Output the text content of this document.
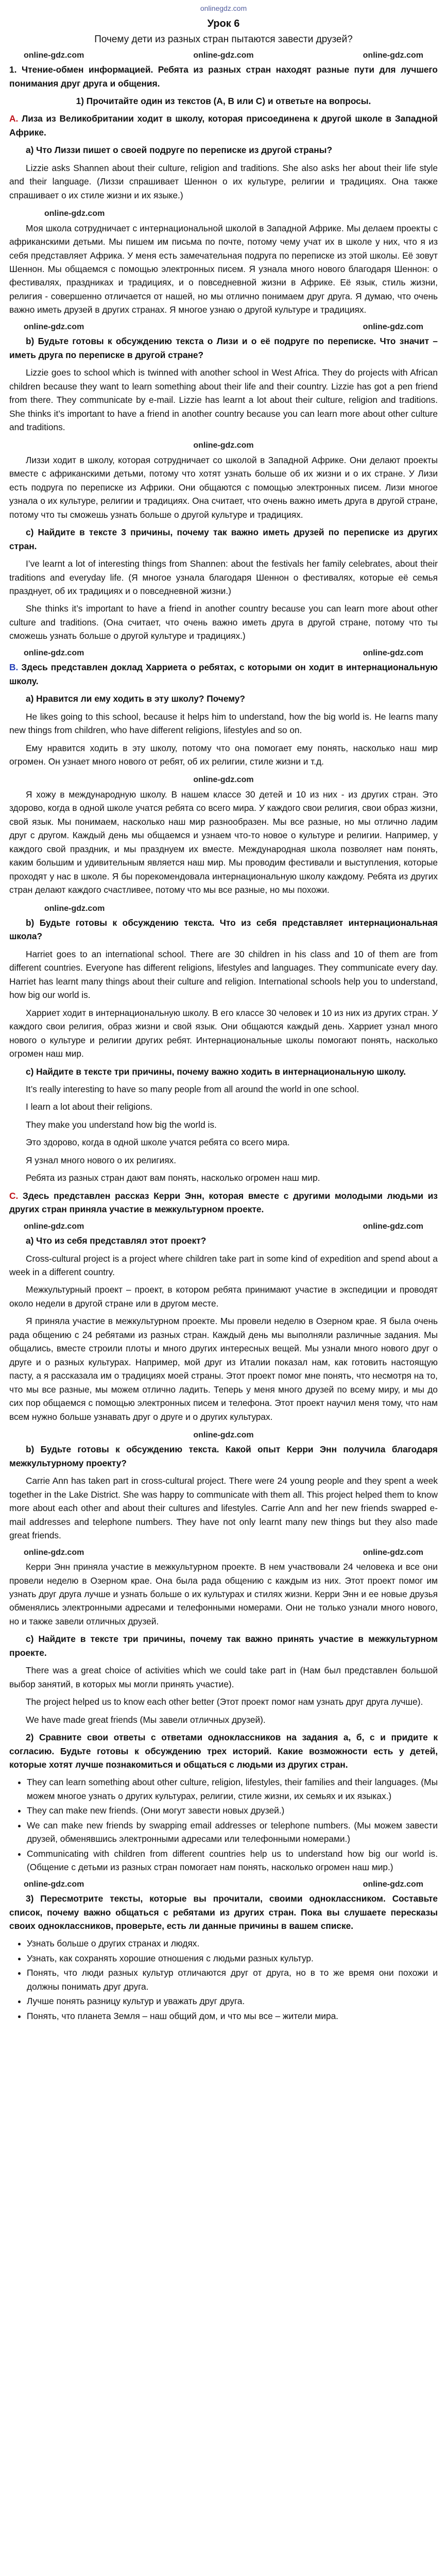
onlinegdz.com
Урок 6
Почему дети из разных стран пытаются завести друзей?
online-gdz.com	online-gdz.com	online-gdz.com

1. Чтение-обмен информацией. Ребята из разных стран находят разные пути для лучшего понимания друг друга и общения.

1) Прочитайте один из текстов (А, В или С) и ответьте на вопросы.

А. Лиза из Великобритании ходит в школу, которая присоединена к другой школе в Западной Африке.

a) Что Лиззи пишет о своей подруге по переписке из другой страны?

Lizzie asks Shannen about their culture, religion and traditions. She also asks her about their life style and their language. (Лиззи спрашивает Шеннон о их культуре, религии и традициях. Она также спрашивает о их стиле жизни и их языке.)

online-gdz.com

Моя школа сотрудничает с интернациональной школой в Западной Африке. Мы делаем проекты с африканскими детьми. Мы пишем им письма по почте, потому чему учат их в школе у них, что я из себя представляет Африка. У меня есть замечательная подруга по переписке из этой школы. Её зовут Шеннон. Мы общаемся с помощью электронных писем. Я узнала много нового благодаря Шеннон: о фестивалях, праздниках и традициях, и о повседневной жизни в Африке. Её язык, стиль жизни, религия - совершенно отличается от нашей, но мы отлично понимаем друг друга. Я думаю, что очень важно иметь друзей в других странах. Я многое узнаю о другой культуре и традициях.

online-gdz.com	online-gdz.com

b) Будьте готовы к обсуждению текста о Лизи и о её подруге по переписке. Что значит – иметь друга по переписке в другой стране?

Lizzie goes to school which is twinned with another school in West Africa. They do projects with African children because they want to learn something about their life and their country. Lizzie has got a pen friend from there. They communicate by e-mail. Lizzie has learnt a lot about their culture, religion and traditions. She thinks it’s important to have a friend in another country because you can learn more about other culture and traditions.

online-gdz.com

Лиззи ходит в школу, которая сотрудничает со школой в Западной Африке. Они делают проекты вместе с африканскими детьми, потому что хотят узнать больше об их жизни и о их стране. У Лизи есть подруга по переписке из Африки. Они общаются с помощью электронных писем. Лизи многое узнала о их культуре, религии и традициях. Она считает, что очень важно иметь друга в другой стране, потому что ты сможешь узнать больше о другой культуре и традициях.

c) Найдите в тексте 3 причины, почему так важно иметь друзей по переписке из других стран.

I’ve learnt a lot of interesting things from Shannen: about the festivals her family celebrates, about their traditions and everyday life. (Я многое узнала благодаря Шеннон о фестивалях, которые её семья празднует, об их традициях и о повседневной жизни.)

She thinks it’s important to have a friend in another country because you can learn more about other culture and traditions. (Она считает, что очень важно иметь друга в другой стране, потому что ты сможешь узнать больше о другой культуре и традициях.)

online-gdz.com	online-gdz.com

В. Здесь представлен доклад Харриета о ребятах, с которыми он ходит в интернациональную школу.

a) Нравится ли ему ходить в эту школу? Почему?

He likes going to this school, because it helps him to understand, how the big world is. He learns many new things from children, who have different religions, lifestyles and so on.

Ему нравится ходить в эту школу, потому что она помогает ему понять, насколько наш мир огромен. Он узнает много нового от ребят, об их религии, стиле жизни и т.д.

online-gdz.com

Я хожу в международную школу. В нашем классе 30 детей и 10 из них - из других стран. Это здорово, когда в одной школе учатся ребята со всего мира. У каждого свои религия, свои образ жизни, свой язык. Мы понимаем, насколько наш мир разнообразен. Мы все разные, но мы отлично ладим друг с другом. Каждый день мы общаемся и узнаем что-то новое о культуре и религии. Например, у каждого свой праздник, и мы празднуем их вместе. Международная школа позволяет нам понять, каким большим и удивительным является наш мир. Мы проводим фестивали и выступления, которые проходят у нас в школе. Я бы порекомендовала интернациональную школу каждому. Ребята из других стран делают каждого счастливее, потому что мы все разные, но мы похожи.

online-gdz.com

b) Будьте готовы к обсуждению текста. Что из себя представляет интернациональная школа?

Harriet goes to an international school. There are 30 children in his class and 10 of them are from different countries. Everyone has different religions, lifestyles and languages. They communicate every day. Harriet has learnt many things about their culture and religion. International schools help you to understand, how big our world is.

Харриет ходит в интернациональную школу. В его классе 30 человек и 10 из них из других стран. У каждого свои религия, образ жизни и свой язык. Они общаются каждый день. Харриет узнал много нового о культуре и религии других ребят. Интернациональные школы помогают понять, насколько огромен наш мир.

c) Найдите в тексте три причины, почему важно ходить в интернациональную школу.

It’s really interesting to have so many people from all around the world in one school.

I learn a lot about their religions.

They make you understand how big the world is.

Это здорово, когда в одной школе учатся ребята со всего мира.

Я узнал много нового о их религиях.

Ребята из разных стран дают вам понять, насколько огромен наш мир.

С. Здесь представлен рассказ Керри Энн, которая вместе с другими молодыми людьми из других стран приняла участие в межкультурном проекте.

online-gdz.com	online-gdz.com

a) Что из себя представлял этот проект?

Cross-cultural project is a project where children take part in some kind of expedition and spend about a week in a different country.

Межкультурный проект – проект, в котором ребята принимают участие в экспедиции и проводят около недели в другой стране или в другом месте.

Я приняла участие в межкультурном проекте. Мы провели неделю в Озерном крае. Я была очень рада общению с 24 ребятами из разных стран. Каждый день мы выполняли различные задания. Мы общались, вместе строили плоты и много других интересных вещей. Мы узнали много нового друг о друге и о разных культурах. Например, мой друг из Италии показал нам, как готовить настоящую пасту, а я рассказала им о традициях моей страны. Этот проект помог мне понять, что несмотря на то, что мы все разные, мы можем отлично ладить. Теперь у меня много друзей по всему миру, и мы до сих пор общаемся с помощью электронных писем и телефона. Этот проект научил меня тому, что нам всем нужно больше узнавать друг о друге и о других культурах.

online-gdz.com

b) Будьте готовы к обсуждению текста. Какой опыт Керри Энн получила благодаря межкультурному проекту?

Carrie Ann has taken part in cross-cultural project. There were 24 young people and they spent a week together in the Lake District. She was happy to communicate with them all. This project helped them to know more about each other and about their cultures and lifestyles. Carrie Ann and her new friends swapped e-mail addresses and telephone numbers. They have not only learnt many new things but they also made great friends.

online-gdz.com	online-gdz.com

Керри Энн приняла участие в межкультурном проекте. В нем участвовали 24 человека и все они провели неделю в Озерном крае. Она была рада общению с каждым из них. Этот проект помог им узнать друг друга лучше и узнать больше о их культурах и стилях жизни. Керри Энн и ее новые друзья обменялись электронными адресами и телефонными номерами. Они не только узнали много нового, но и также завели отличных друзей.

c) Найдите в тексте три причины, почему так важно принять участие в межкультурном проекте.

There was a great choice of activities which we could take part in (Нам был представлен большой выбор занятий, в которых мы могли принять участие).

The project helped us to know each other better (Этот проект помог нам узнать друг друга лучше).

We have made great friends (Мы завели отличных друзей).

2) Сравните свои ответы с ответами одноклассников на задания а, б, с и придите к согласию. Будьте готовы к обсуждению трех историй. Какие возможности есть у детей, которые хотят лучше познакомиться и общаться с людьми из других стран.

• They can learn something about other culture, religion, lifestyles, their families and their languages. (Мы можем многое узнать о других культурах, религии, стиле жизни, их семьях и их языках.)
• They can make new friends. (Они могут завести новых друзей.)
• We can make new friends by swapping email addresses or telephone numbers. (Мы можем завести друзей, обменявшись электронными адресами или телефонными номерами.)
• Communicating with children from different countries help us to understand how big our world is. (Общение с детьми из разных стран помогает нам понять, насколько огромен наш мир.)
online-gdz.com	online-gdz.com

3) Пересмотрите тексты, которые вы прочитали, своими одноклассником. Составьте список, почему важно общаться с ребятами из других стран. Пока вы слушаете пересказы своих одноклассников, проверьте, есть ли данные причины в вашем списке.

• Узнать больше о других странах и людях.
• Узнать, как сохранять хорошие отношения с людьми разных культур.
• Понять, что люди разных культур отличаются друг от друга, но в то же время они похожи и должны понимать друг друга.
• Лучше понять разницу культур и уважать друг друга.
• Понять, что планета Земля – наш общий дом, и что мы все – жители мира.
